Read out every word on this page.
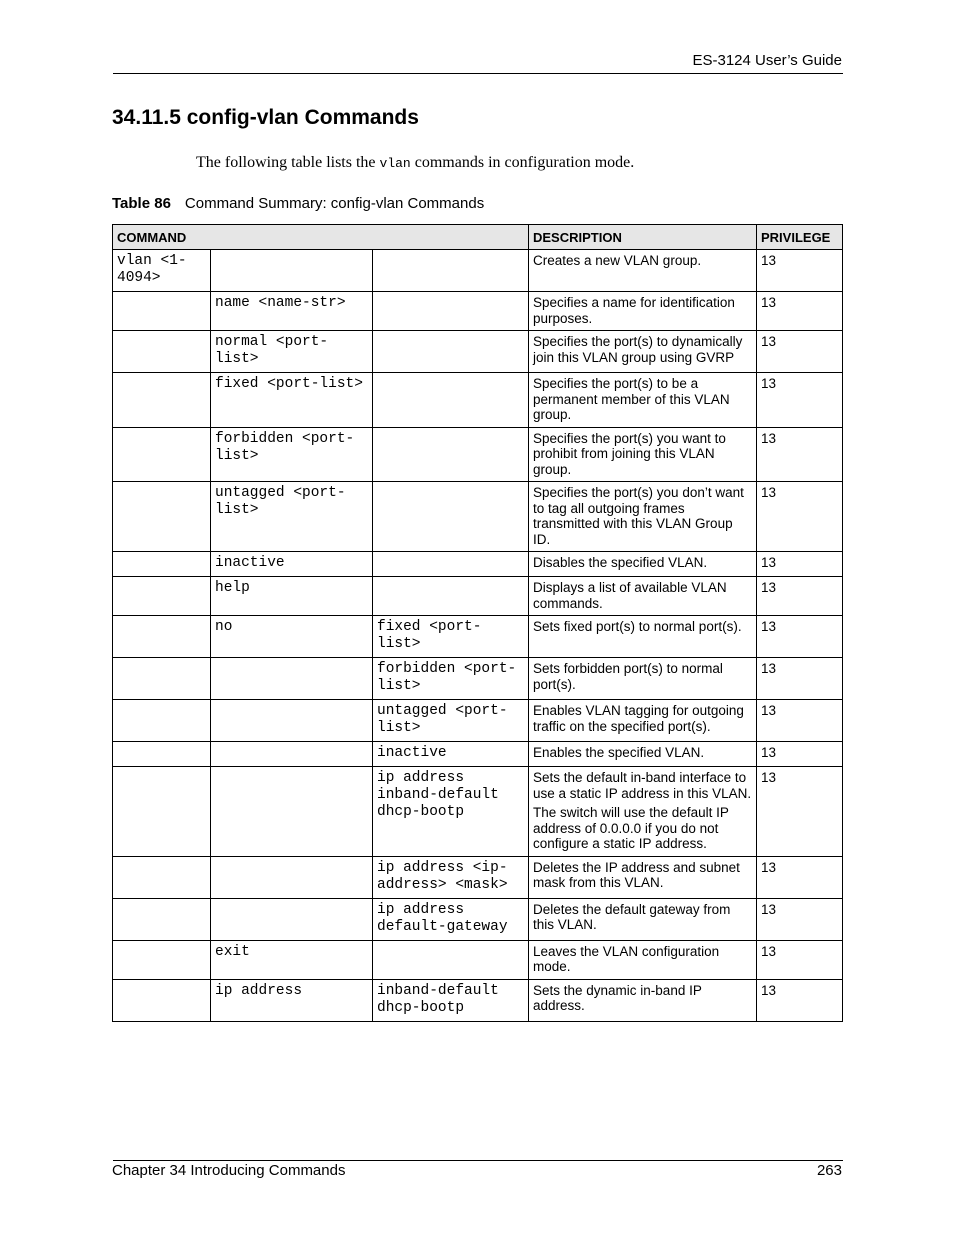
ES-3124 User’s Guide
34.11.5 config-vlan Commands
The following table lists the vlan commands in configuration mode.
Table 86 Command Summary: config-vlan Commands
COMMAND			DESCRIPTION	PRIVILEGE
vlan <1-4094>			Creates a new VLAN group.	13
	name <name-str>		Specifies a name for identification purposes.	13
	normal <port-list>		Specifies the port(s) to dynamically join this VLAN group using GVRP	13
	fixed <port-list>		Specifies the port(s) to be a permanent member of this VLAN group.	13
	forbidden <port-list>		Specifies the port(s) you want to prohibit from joining this VLAN group.	13
	untagged <port-list>		Specifies the port(s) you don’t want to tag all outgoing frames transmitted with this VLAN Group ID.	13
	inactive		Disables the specified VLAN.	13
	help		Displays a list of available VLAN commands.	13
	no	fixed <port-list>	Sets fixed port(s) to normal port(s).	13
		forbidden <port-list>	Sets forbidden port(s) to normal port(s).	13
		untagged <port-list>	Enables VLAN tagging for outgoing traffic on the specified port(s).	13
		inactive	Enables the specified VLAN.	13
		ip address inband-default dhcp-bootp	Sets the default in-band interface to use a static IP address in this VLAN.

The switch will use the default IP address of 0.0.0.0 if you do not configure a static IP address.	13
		ip address <ip-address> <mask>	Deletes the IP address and subnet mask from this VLAN.	13
		ip address default-gateway	Deletes the default gateway from this VLAN.	13
	exit		Leaves the VLAN configuration mode.	13
	ip address	inband-default dhcp-bootp	Sets the dynamic in-band IP address.	13
Chapter 34 Introducing Commands	263
